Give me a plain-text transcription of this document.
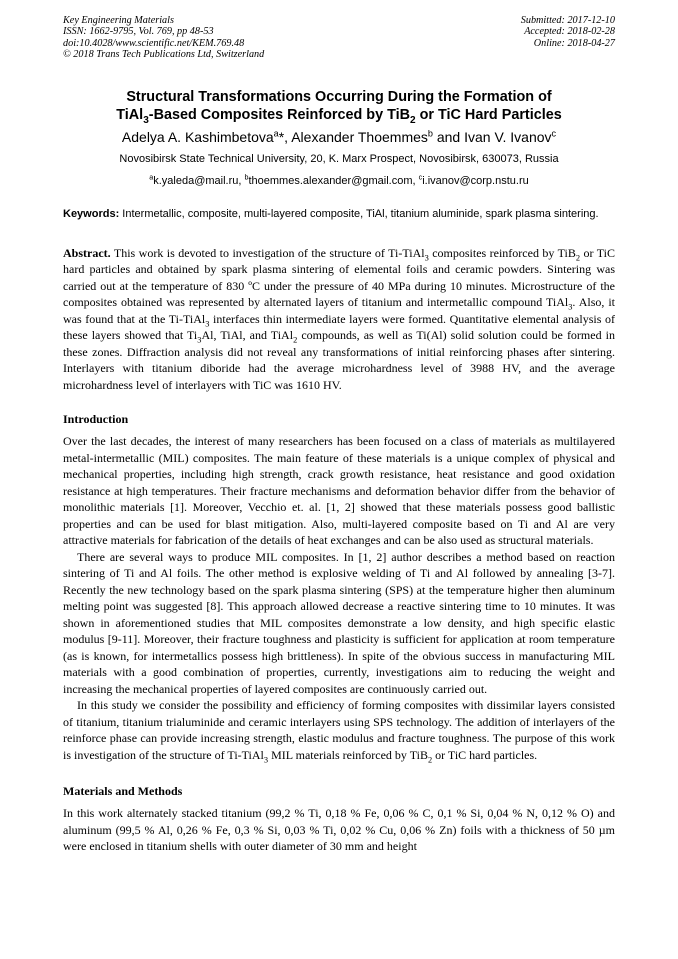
Key Engineering Materials
ISSN: 1662-9795, Vol. 769, pp 48-53
doi:10.4028/www.scientific.net/KEM.769.48
© 2018 Trans Tech Publications Ltd, Switzerland
Submitted: 2017-12-10
Accepted: 2018-02-28
Online: 2018-04-27
Structural Transformations Occurring During the Formation of
TiAl$_3$-Based Composites Reinforced by TiB$_2$ or TiC Hard Particles
Adelya A. Kashimbetova$^a$*, Alexander Thoemmes$^b$ and Ivan V. Ivanov$^c$
Novosibirsk State Technical University, 20, K. Marx Prospect, Novosibirsk, 630073, Russia
$^a$k.yaleda@mail.ru, $^b$thoemmes.alexander@gmail.com, $^c$i.ivanov@corp.nstu.ru
Keywords: Intermetallic, composite, multi-layered composite, TiAl, titanium aluminide, spark plasma sintering.
Abstract. This work is devoted to investigation of the structure of Ti-TiAl$_3$ composites reinforced by TiB$_2$ or TiC hard particles and obtained by spark plasma sintering of elemental foils and ceramic powders. Sintering was carried out at the temperature of 830 ºC under the pressure of 40 MPa during 10 minutes. Microstructure of the composites obtained was represented by alternated layers of titanium and intermetallic compound TiAl$_3$. Also, it was found that at the Ti-TiAl$_3$ interfaces thin intermediate layers were formed. Quantitative elemental analysis of these layers showed that $Ti_3Al$, TiAl, and TiAl$_2$ compounds, as well as Ti(Al) solid solution could be formed in these zones. Diffraction analysis did not reveal any transformations of initial reinforcing phases after sintering. Interlayers with titanium diboride had the average microhardness level of 3988 HV, and the average microhardness level of interlayers with TiC was 1610 HV.
Introduction

Over the last decades, the interest of many researchers has been focused on a class of materials as multilayered metal-intermetallic (MIL) composites. The main feature of these materials is a unique complex of physical and mechanical properties, including high strength, crack growth resistance, heat resistance and good oxidation resistance at high temperatures. Their fracture mechanisms and deformation behavior differ from the behavior of monolithic materials [1]. Moreover, Vecchio et. al. [1, 2] showed that these materials possess good ballistic properties and can be used for blast mitigation. Also, multi-layered composite based on Ti and Al are very attractive materials for fabrication of the details of heat exchanges and can be also used as structural materials.

There are several ways to produce MIL composites. In [1, 2] author describes a method based on reaction sintering of Ti and Al foils. The other method is explosive welding of Ti and Al followed by annealing [3-7]. Recently the new technology based on the spark plasma sintering (SPS) at the temperature higher then aluminum melting point was suggested [8]. This approach allowed decrease a reactive sintering time to 10 minutes. It was shown in aforementioned studies that MIL composites demonstrate a low density, and high specific elastic modulus [9-11]. Moreover, their fracture toughness and plasticity is sufficient for application at room temperature (as is known, for intermetallics possess high brittleness). In spite of the obvious success in manufacturing MIL materials with a good combination of properties, currently, investigations aim to reducing the weight and increasing the mechanical properties of layered composites are continuously carried out.

In this study we consider the possibility and efficiency of forming composites with dissimilar layers consisted of titanium, titanium trialuminide and ceramic interlayers using SPS technology. The addition of interlayers of the reinforce phase can provide increasing strength, elastic modulus and fracture toughness. The purpose of this work is investigation of the structure of Ti-TiAl$_3$ MIL materials reinforced by TiB$_2$ or TiC hard particles.

Materials and Methods

In this work alternately stacked titanium (99,2 % Ti, 0,18 % Fe, 0,06 % C, 0,1 % Si, 0,04 % N, 0,12 % O) and aluminum (99,5 % Al, 0,26 % Fe, 0,3 % Si, 0,03 % Ti, 0,02 % Cu, 0,06 % Zn) foils with a thickness of 50 µm were enclosed in titanium shells with outer diameter of 30 mm and height
